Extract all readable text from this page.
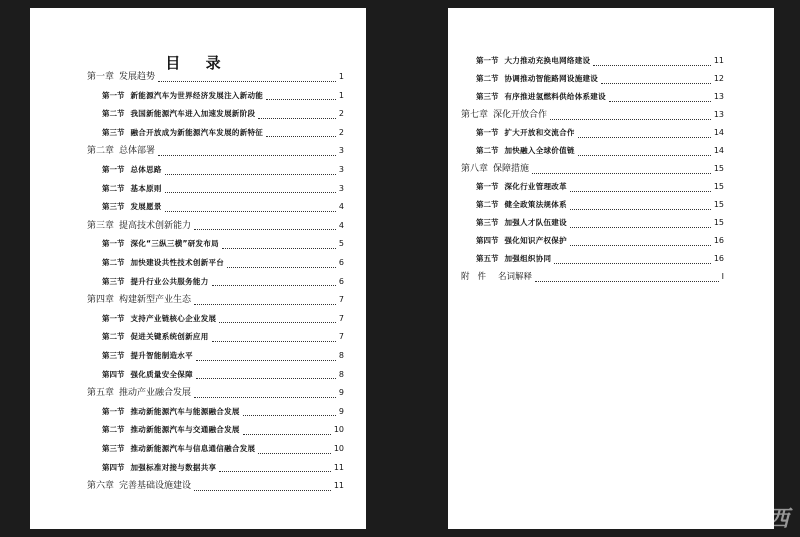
目 录
第一章 发展趋势	1
第一节 新能源汽车为世界经济发展注入新动能	1
第二节 我国新能源汽车进入加速发展新阶段	2
第三节 融合开放成为新能源汽车发展的新特征	2
第二章 总体部署	3
第一节 总体思路	3
第二节 基本原则	3
第三节 发展愿景	4
第三章 提高技术创新能力	4
第一节 深化“三纵三横”研发布局	5
第二节 加快建设共性技术创新平台	6
第三节 提升行业公共服务能力	6
第四章 构建新型产业生态	7
第一节 支持产业链核心企业发展	7
第二节 促进关键系统创新应用	7
第三节 提升智能制造水平	8
第四节 强化质量安全保障	8
第五章 推动产业融合发展	9
第一节 推动新能源汽车与能源融合发展	9
第二节 推动新能源汽车与交通融合发展	10
第三节 推动新能源汽车与信息通信融合发展	10
第四节 加强标准对接与数据共享	11
第六章 完善基础设施建设	11
第一节 大力推动充换电网络建设	11
第二节 协调推动智能路网设施建设	12
第三节 有序推进氢燃料供给体系建设	13
第七章 深化开放合作	13
第一节 扩大开放和交流合作	14
第二节 加快融入全球价值链	14
第八章 保障措施	15
第一节 深化行业管理改革	15
第二节 健全政策法规体系	15
第三节 加强人才队伍建设	15
第四节 强化知识产权保护	16
第五节 加强组织协同	16
附件 名词解释	I
车东西
